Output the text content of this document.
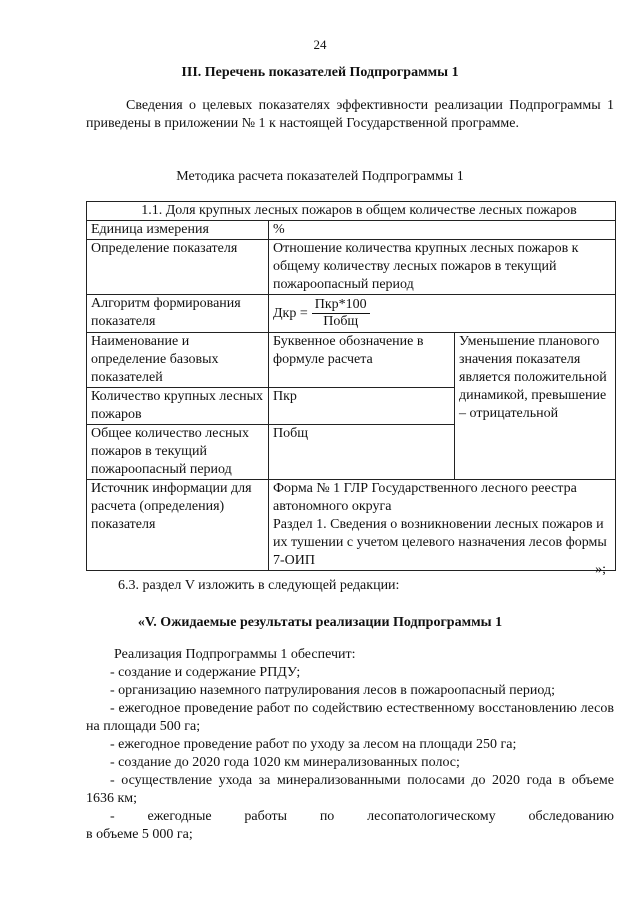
24
III. Перечень показателей Подпрограммы 1
Сведения о целевых показателях эффективности реализации Подпрограммы 1 приведены в приложении № 1 к настоящей Государственной программе.
Методика расчета показателей Подпрограммы 1
1.1. Доля крупных лесных пожаров в общем количестве лесных пожаров		
Единица измерения	%	
Определение показателя	Отношение количества крупных лесных пожаров к общему количеству лесных пожаров в текущий пожароопасный период	
Алгоритм формирования показателя	Дкр = $\frac{\text{Пкр*100}}{\text{Побщ}}$

Наименование и определение базовых показателей	Буквенное обозначение в формуле расчета	Уменьшение планового значения показателя является положительной динамикой, превышение – отрицательной
Количество крупных лесных пожаров	Пкр	
Общее количество лесных пожаров в текущий пожароопасный период	Побщ	
Источник информации для расчета (определения) показателя	Форма № 1 ГЛР Государственного лесного реестра автономного округа
Раздел 1. Сведения о возникновении лесных пожаров и их тушении с учетом целевого назначения лесов формы 7-ОИП	
»;
6.3. раздел V изложить в следующей редакции:
«V. Ожидаемые результаты реализации Подпрограммы 1

Реализация Подпрограммы 1 обеспечит:

- создание и содержание РПДУ;

- организацию наземного патрулирования лесов в пожароопасный период;

- ежегодное проведение работ по содействию естественному восстановлению лесов на площади 500 га;

- ежегодное проведение работ по уходу за лесом на площади 250 га;

- создание до 2020 года 1020 км минерализованных полос;

- осуществление ухода за минерализованными полосами до 2020 года в объеме 1636 км;

- ежегодные работы по лесопатологическому обследованию

в объеме 5 000 га;
